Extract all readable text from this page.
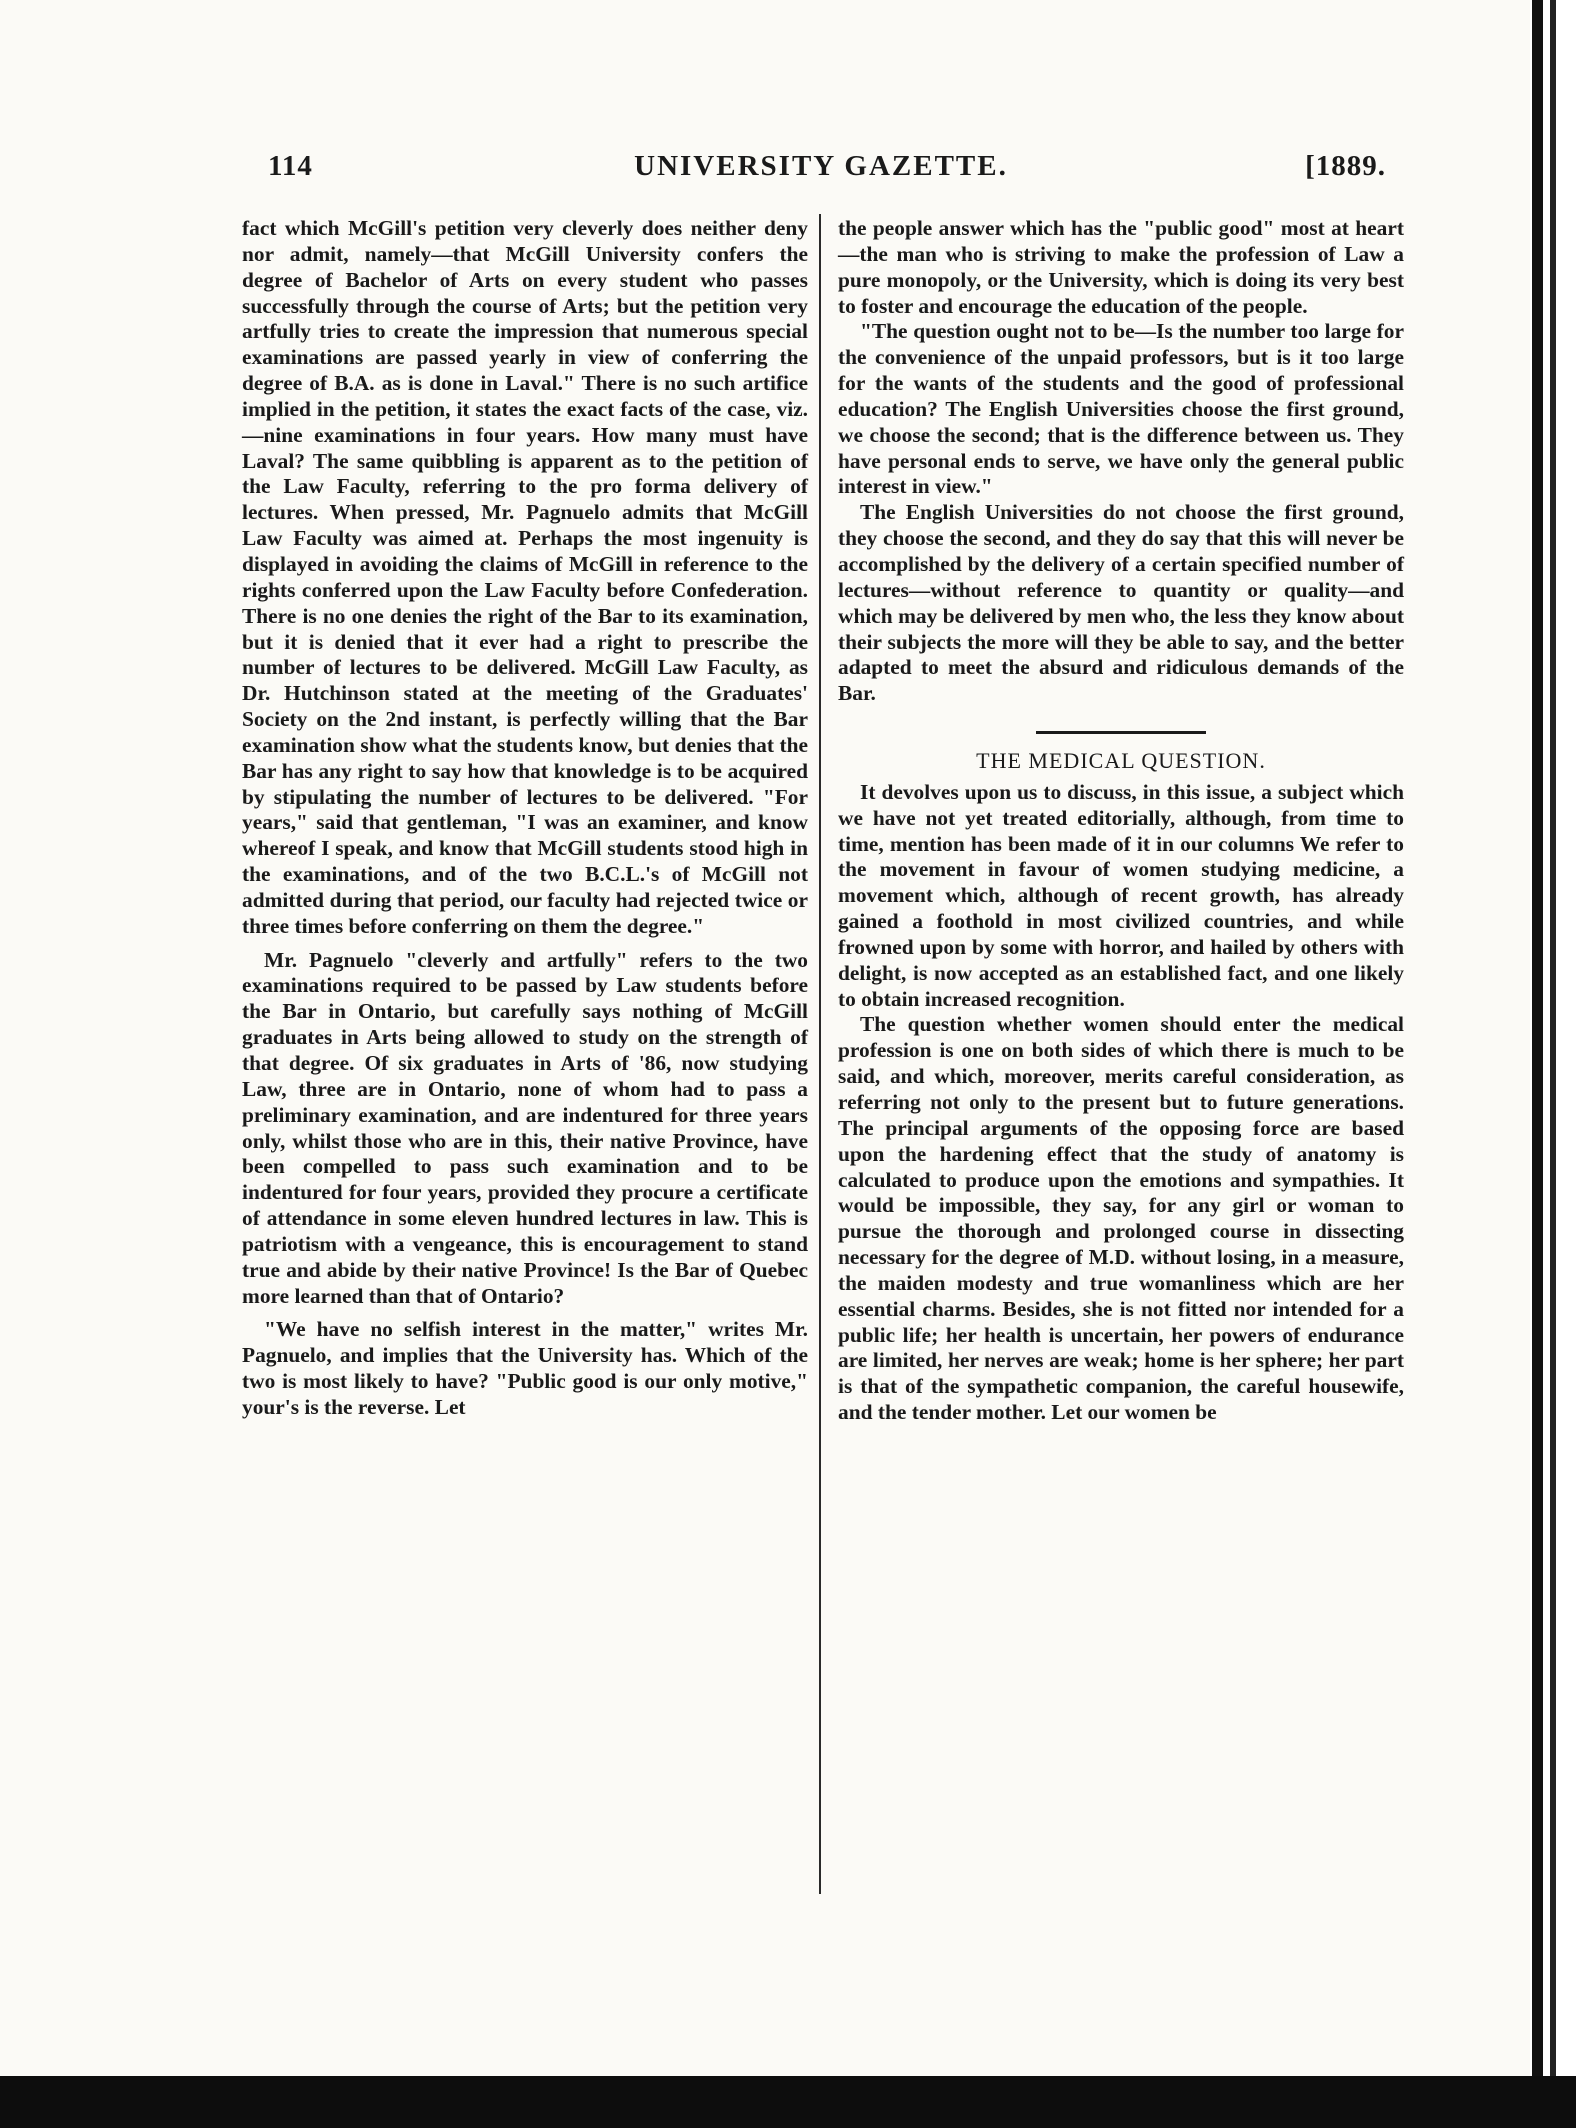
114	UNIVERSITY GAZETTE.	[1889.

fact which McGill's petition very cleverly does neither deny nor admit, namely—that McGill University confers the degree of Bachelor of Arts on every student who passes successfully through the course of Arts; but the petition very artfully tries to create the impression that numerous special examinations are passed yearly in view of conferring the degree of B.A. as is done in Laval." There is no such artifice implied in the petition, it states the exact facts of the case, viz.—nine examinations in four years. How many must have Laval? The same quibbling is apparent as to the petition of the Law Faculty, referring to the pro forma delivery of lectures. When pressed, Mr. Pagnuelo admits that McGill Law Faculty was aimed at. Perhaps the most ingenuity is displayed in avoiding the claims of McGill in reference to the rights conferred upon the Law Faculty before Confederation. There is no one denies the right of the Bar to its examination, but it is denied that it ever had a right to prescribe the number of lectures to be delivered. McGill Law Faculty, as Dr. Hutchinson stated at the meeting of the Graduates' Society on the 2nd instant, is perfectly willing that the Bar examination show what the students know, but denies that the Bar has any right to say how that knowledge is to be acquired by stipulating the number of lectures to be delivered. "For years," said that gentleman, "I was an examiner, and know whereof I speak, and know that McGill students stood high in the examinations, and of the two B.C.L.'s of McGill not admitted during that period, our faculty had rejected twice or three times before conferring on them the degree."

Mr. Pagnuelo "cleverly and artfully" refers to the two examinations required to be passed by Law students before the Bar in Ontario, but carefully says nothing of McGill graduates in Arts being allowed to study on the strength of that degree. Of six graduates in Arts of '86, now studying Law, three are in Ontario, none of whom had to pass a preliminary examination, and are indentured for three years only, whilst those who are in this, their native Province, have been compelled to pass such examination and to be indentured for four years, provided they procure a certificate of attendance in some eleven hundred lectures in law. This is patriotism with a vengeance, this is encouragement to stand true and abide by their native Province! Is the Bar of Quebec more learned than that of Ontario?

"We have no selfish interest in the matter," writes Mr. Pagnuelo, and implies that the University has. Which of the two is most likely to have? "Public good is our only motive," your's is the reverse. Let

the people answer which has the "public good" most at heart—the man who is striving to make the profession of Law a pure monopoly, or the University, which is doing its very best to foster and encourage the education of the people.

"The question ought not to be—Is the number too large for the convenience of the unpaid professors, but is it too large for the wants of the students and the good of professional education? The English Universities choose the first ground, we choose the second; that is the difference between us. They have personal ends to serve, we have only the general public interest in view."

The English Universities do not choose the first ground, they choose the second, and they do say that this will never be accomplished by the delivery of a certain specified number of lectures—without reference to quantity or quality—and which may be delivered by men who, the less they know about their subjects the more will they be able to say, and the better adapted to meet the absurd and ridiculous demands of the Bar.

THE MEDICAL QUESTION.

It devolves upon us to discuss, in this issue, a subject which we have not yet treated editorially, although, from time to time, mention has been made of it in our columns We refer to the movement in favour of women studying medicine, a movement which, although of recent growth, has already gained a foothold in most civilized countries, and while frowned upon by some with horror, and hailed by others with delight, is now accepted as an established fact, and one likely to obtain increased recognition.

The question whether women should enter the medical profession is one on both sides of which there is much to be said, and which, moreover, merits careful consideration, as referring not only to the present but to future generations. The principal arguments of the opposing force are based upon the hardening effect that the study of anatomy is calculated to produce upon the emotions and sympathies. It would be impossible, they say, for any girl or woman to pursue the thorough and prolonged course in dissecting necessary for the degree of M.D. without losing, in a measure, the maiden modesty and true womanliness which are her essential charms. Besides, she is not fitted nor intended for a public life; her health is uncertain, her powers of endurance are limited, her nerves are weak; home is her sphere; her part is that of the sympathetic companion, the careful housewife, and the tender mother. Let our women be
